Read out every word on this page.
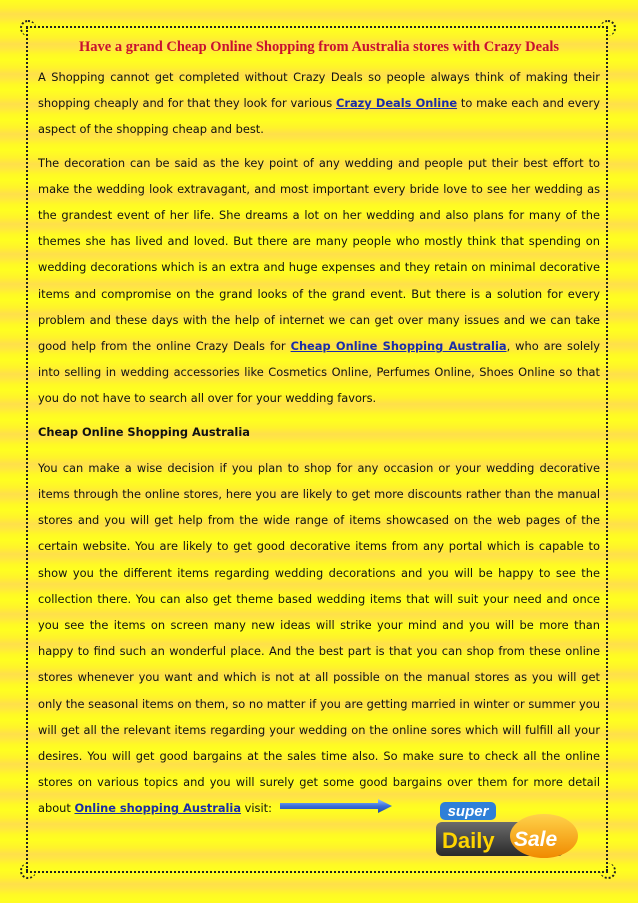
Have a grand Cheap Online Shopping from Australia stores with Crazy Deals

A Shopping cannot get completed without Crazy Deals so people always think of making their shopping cheaply and for that they look for various Crazy Deals Online to make each and every aspect of the shopping cheap and best.

The decoration can be said as the key point of any wedding and people put their best effort to make the wedding look extravagant, and most important every bride love to see her wedding as the grandest event of her life. She dreams a lot on her wedding and also plans for many of the themes she has lived and loved. But there are many people who mostly think that spending on wedding decorations which is an extra and huge expenses and they retain on minimal decorative items and compromise on the grand looks of the grand event. But there is a solution for every problem and these days with the help of internet we can get over many issues and we can take good help from the online Crazy Deals for Cheap Online Shopping Australia, who are solely into selling in wedding accessories like Cosmetics Online, Perfumes Online, Shoes Online so that you do not have to search all over for your wedding favors.

Cheap Online Shopping Australia

You can make a wise decision if you plan to shop for any occasion or your wedding decorative items through the online stores, here you are likely to get more discounts rather than the manual stores and you will get help from the wide range of items showcased on the web pages of the certain website. You are likely to get good decorative items from any portal which is capable to show you the different items regarding wedding decorations and you will be happy to see the collection there. You can also get theme based wedding items that will suit your need and once you see the items on screen many new ideas will strike your mind and you will be more than happy to find such an wonderful place. And the best part is that you can shop from these online stores whenever you want and which is not at all possible on the manual stores as you will get only the seasonal items on them, so no matter if you are getting married in winter or summer you will get all the relevant items regarding your wedding on the online sores which will fulfill all your desires. You will get good bargains at the sales time also. So make sure to check all the online stores on various topics and you will surely get some good bargains over them for more detail about Online shopping Australia visit:	super
Daily Sale
